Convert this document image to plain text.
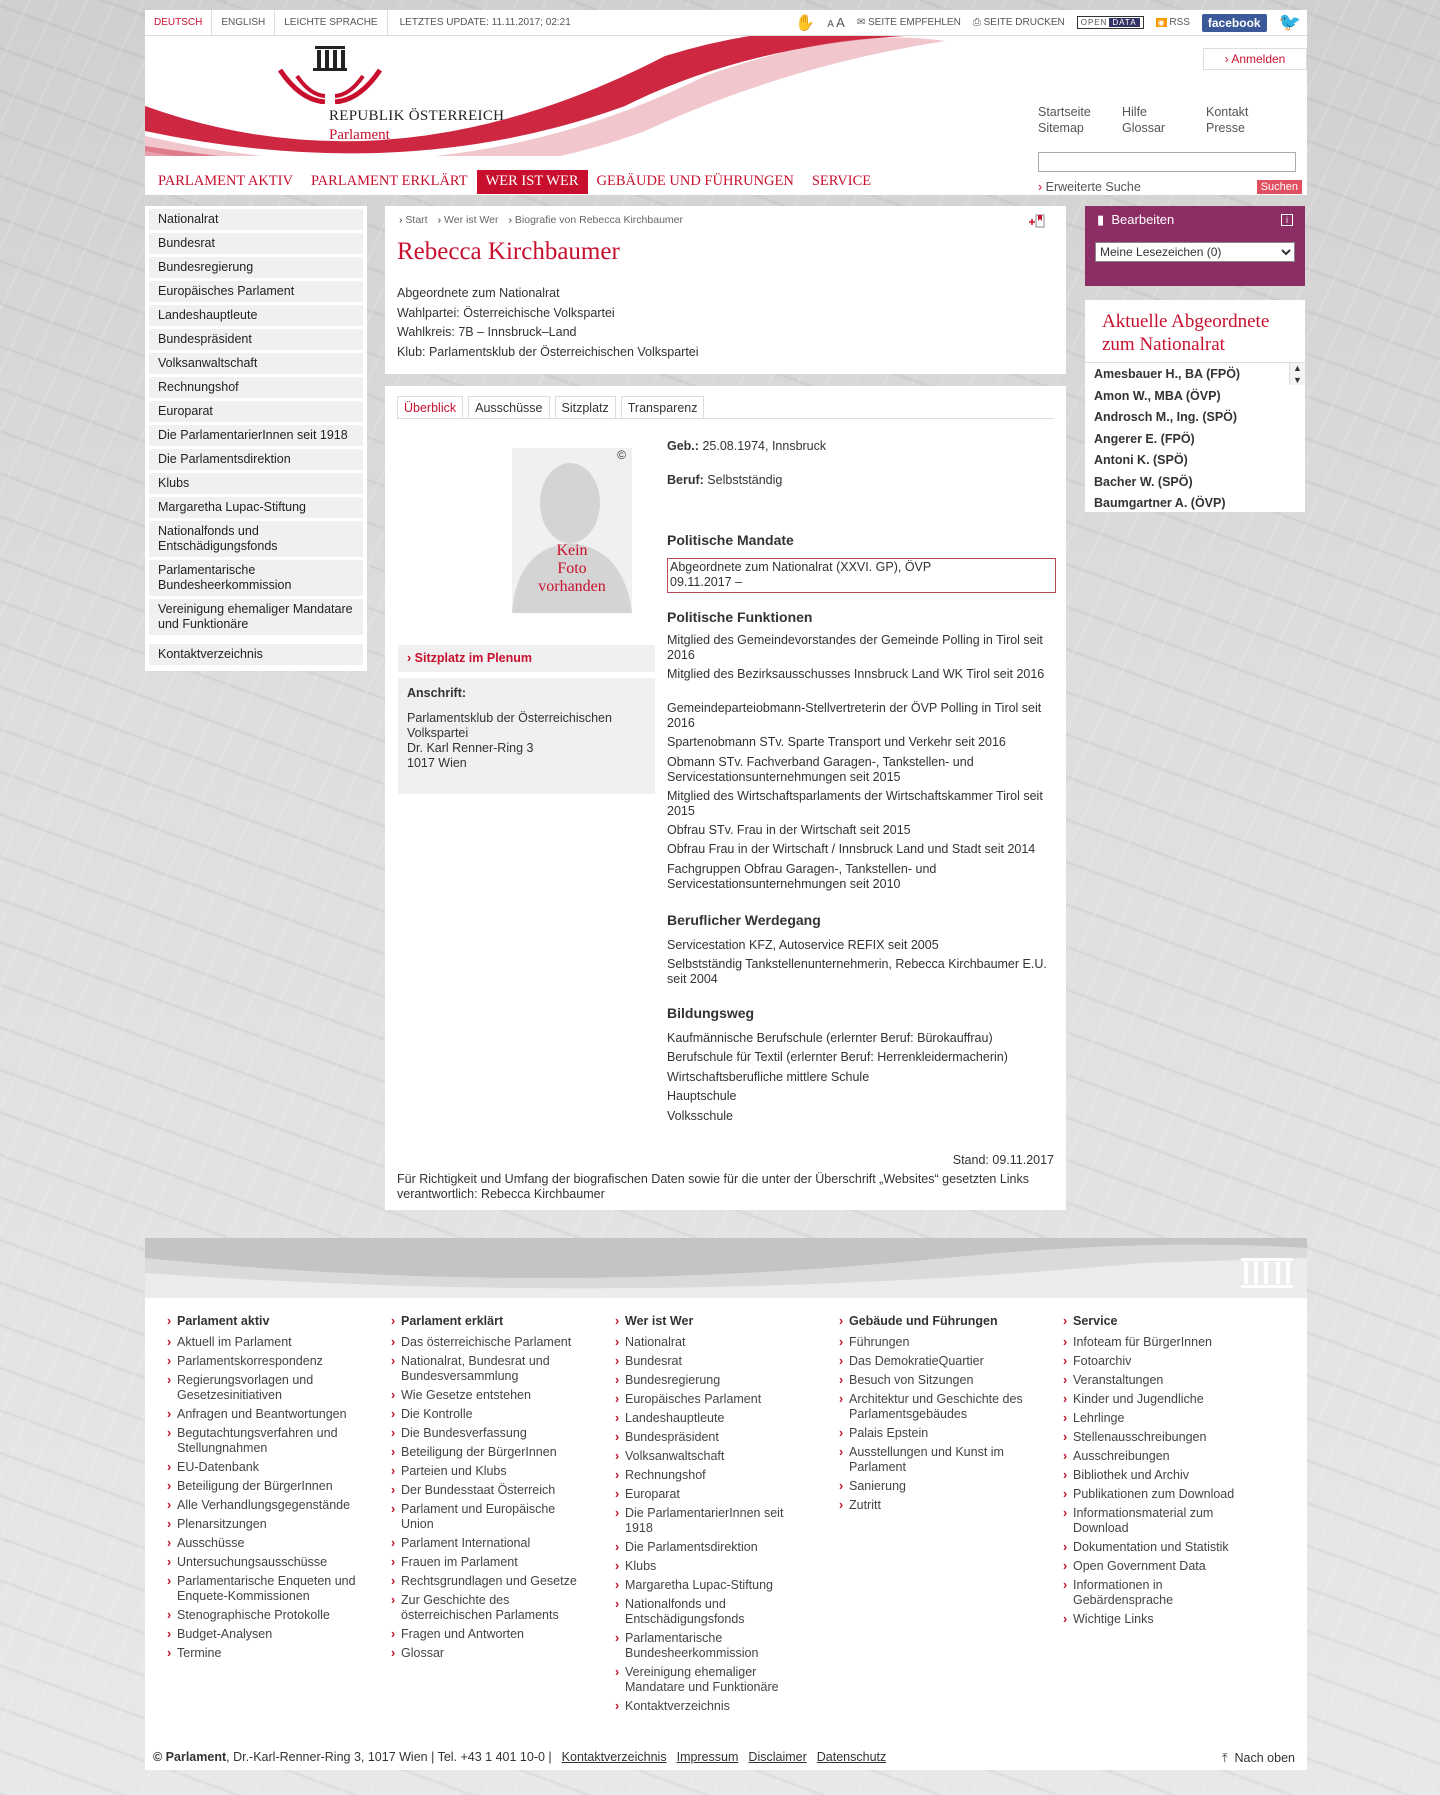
DEUTSCH	ENGLISH	LEICHTE SPRACHE	LETZTES UPDATE: 11.11.2017; 02:21	✋ A A ✉ SEITE EMPFEHLEN ⎙ SEITE DRUCKEN OPEN DATA	◉ RSS	facebook	🐦
REPUBLIK ÖSTERREICH
Parlament
› Anmelden
Startseite	Hilfe	Kontakt
Sitemap	Glossar	Presse
› Erweiterte Suche	Suchen
PARLAMENT AKTIV	PARLAMENT ERKLÄRT	WER IST WER	GEBÄUDE UND FÜHRUNGEN	SERVICE
Nationalrat
Bundesrat
Bundesregierung
Europäisches Parlament
Landeshauptleute
Bundespräsident
Volksanwaltschaft
Rechnungshof
Europarat
Die ParlamentarierInnen seit 1918
Die Parlamentsdirektion
Klubs
Margaretha Lupac-Stiftung
Nationalfonds und Entschädigungsfonds
Parlamentarische Bundesheerkommission
Vereinigung ehemaliger Mandatare und Funktionäre
Kontaktverzeichnis
› Start	› Wer ist Wer	› Biografie von Rebecca Kirchbaumer
Rebecca Kirchbaumer
Abgeordnete zum Nationalrat
Wahlpartei: Österreichische Volkspartei
Wahlkreis: 7B – Innsbruck–Land
Klub: Parlamentsklub der Österreichischen Volkspartei
Überblick	Ausschüsse	Sitzplatz	Transparenz
©
Kein
Foto
vorhanden
› Sitzplatz im Plenum
Anschrift:
Parlamentsklub der Österreichischen Volkspartei
Dr. Karl Renner-Ring 3
1017 Wien
Geb.: 25.08.1974, Innsbruck
Beruf: Selbstständig
Politische Mandate
Abgeordnete zum Nationalrat (XXVI. GP), ÖVP
09.11.2017 –
Politische Funktionen
Mitglied des Gemeindevorstandes der Gemeinde Polling in Tirol seit 2016
Mitglied des Bezirksausschusses Innsbruck Land WK Tirol seit 2016
Gemeindeparteiobmann-Stellvertreterin der ÖVP Polling in Tirol seit 2016
Spartenobmann STv. Sparte Transport und Verkehr seit 2016
Obmann STv. Fachverband Garagen-, Tankstellen- und Servicestationsunternehmungen seit 2015
Mitglied des Wirtschaftsparlaments der Wirtschaftskammer Tirol seit 2015
Obfrau STv. Frau in der Wirtschaft seit 2015
Obfrau Frau in der Wirtschaft / Innsbruck Land und Stadt seit 2014
Fachgruppen Obfrau Garagen-, Tankstellen- und Servicestationsunternehmungen seit 2010
Beruflicher Werdegang
Servicestation KFZ, Autoservice REFIX seit 2005
Selbstständig Tankstellenunternehmerin, Rebecca Kirchbaumer E.U. seit 2004
Bildungsweg
Kaufmännische Berufschule (erlernter Beruf: Bürokauffrau)
Berufschule für Textil (erlernter Beruf: Herrenkleidermacherin)
Wirtschaftsberufliche mittlere Schule
Hauptschule
Volksschule
Stand: 09.11.2017
Für Richtigkeit und Umfang der biografischen Daten sowie für die unter der Überschrift „Websites“ gesetzten Links verantwortlich: Rebecca Kirchbaumer
▮ Bearbeiten	i
Meine Lesezeichen (0)
Aktuelle Abgeordnete zum Nationalrat
Amesbauer H., BA (FPÖ)
Amon W., MBA (ÖVP)
Androsch M., Ing. (SPÖ)
Angerer E. (FPÖ)
Antoni K. (SPÖ)
Bacher W. (SPÖ)
Baumgartner A. (ÖVP)
▲
▼
› Parlament aktiv
› Aktuell im Parlament
› Parlamentskorrespondenz
› Regierungsvorlagen und Gesetzesinitiativen
› Anfragen und Beantwortungen
› Begutachtungsverfahren und Stellungnahmen
› EU-Datenbank
› Beteiligung der BürgerInnen
› Alle Verhandlungsgegenstände
› Plenarsitzungen
› Ausschüsse
› Untersuchungsausschüsse
› Parlamentarische Enqueten und Enquete-Kommissionen
› Stenographische Protokolle
› Budget-Analysen
› Termine
› Parlament erklärt
› Das österreichische Parlament
› Nationalrat, Bundesrat und Bundesversammlung
› Wie Gesetze entstehen
› Die Kontrolle
› Die Bundesverfassung
› Beteiligung der BürgerInnen
› Parteien und Klubs
› Der Bundesstaat Österreich
› Parlament und Europäische Union
› Parlament International
› Frauen im Parlament
› Rechtsgrundlagen und Gesetze
› Zur Geschichte des österreichischen Parlaments
› Fragen und Antworten
› Glossar
› Wer ist Wer
› Nationalrat
› Bundesrat
› Bundesregierung
› Europäisches Parlament
› Landeshauptleute
› Bundespräsident
› Volksanwaltschaft
› Rechnungshof
› Europarat
› Die ParlamentarierInnen seit 1918
› Die Parlamentsdirektion
› Klubs
› Margaretha Lupac-Stiftung
› Nationalfonds und Entschädigungsfonds
› Parlamentarische Bundesheerkommission
› Vereinigung ehemaliger Mandatare und Funktionäre
› Kontaktverzeichnis
› Gebäude und Führungen
› Führungen
› Das DemokratieQuartier
› Besuch von Sitzungen
› Architektur und Geschichte des Parlamentsgebäudes
› Palais Epstein
› Ausstellungen und Kunst im Parlament
› Sanierung
› Zutritt
› Service
› Infoteam für BürgerInnen
› Fotoarchiv
› Veranstaltungen
› Kinder und Jugendliche
› Lehrlinge
› Stellenausschreibungen
› Ausschreibungen
› Bibliothek und Archiv
› Publikationen zum Download
› Informationsmaterial zum Download
› Dokumentation und Statistik
› Open Government Data
› Informationen in Gebärdensprache
› Wichtige Links
© Parlament, Dr.-Karl-Renner-Ring 3, 1017 Wien | Tel. +43 1 401 10-0 | Kontaktverzeichnis Impressum Disclaimer Datenschutz	⤒ Nach oben
